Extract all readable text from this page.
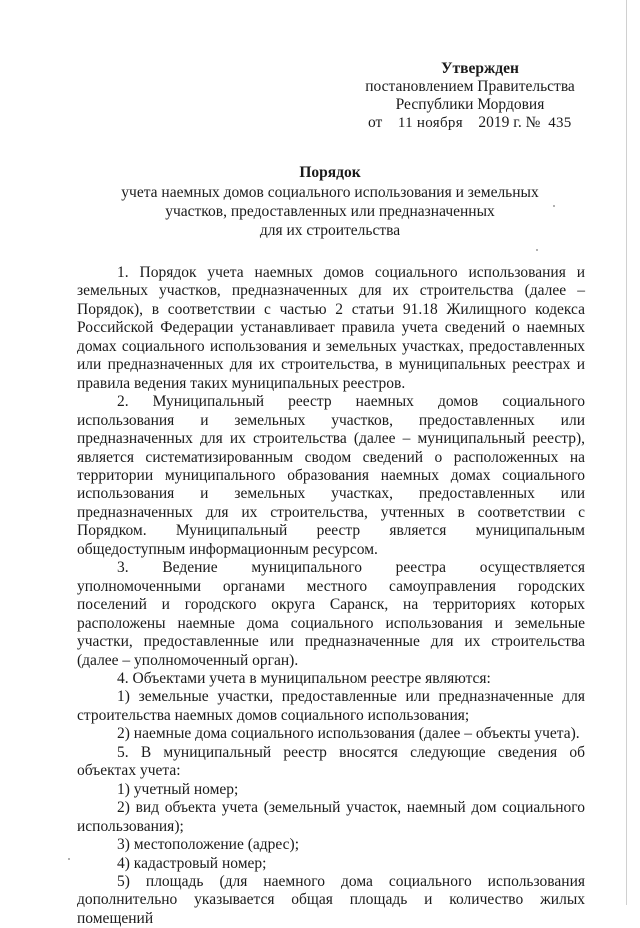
Утвержден
постановлением Правительства
Республики Мордовия
от 11 ноября 2019 г. № 435
Порядок
учета наемных домов социального использования и земельных
участков, предоставленных или предназначенных
для их строительства

1. Порядок учета наемных домов социального использования и земельных участков, предназначенных для их строительства (далее – Порядок), в соответствии с частью 2 статьи 91.18 Жилищного кодекса Российской Федерации устанавливает правила учета сведений о наемных домах социального использования и земельных участках, предоставленных или предназначенных для их строительства, в муниципальных реестрах и правила ведения таких муниципальных реестров.

2. Муниципальный реестр наемных домов социального использования и земельных участков, предоставленных или предназначенных для их строительства (далее – муниципальный реестр), является систематизированным сводом сведений о расположенных на территории муниципального образования наемных домах социального использования и земельных участках, предоставленных или предназначенных для их строительства, учтенных в соответствии с Порядком. Муниципальный реестр является муниципальным общедоступным информационным ресурсом.

3. Ведение муниципального реестра осуществляется уполномоченными органами местного самоуправления городских поселений и городского округа Саранск, на территориях которых расположены наемные дома социального использования и земельные участки, предоставленные или предназначенные для их строительства (далее – уполномоченный орган).

4. Объектами учета в муниципальном реестре являются:

1) земельные участки, предоставленные или предназначенные для строительства наемных домов социального использования;

2) наемные дома социального использования (далее – объекты учета).

5. В муниципальный реестр вносятся следующие сведения об объектах учета:

1) учетный номер;

2) вид объекта учета (земельный участок, наемный дом социального использования);

3) местоположение (адрес);

4) кадастровый номер;

5) площадь (для наемного дома социального использования дополнительно указывается общая площадь и количество жилых помещений
